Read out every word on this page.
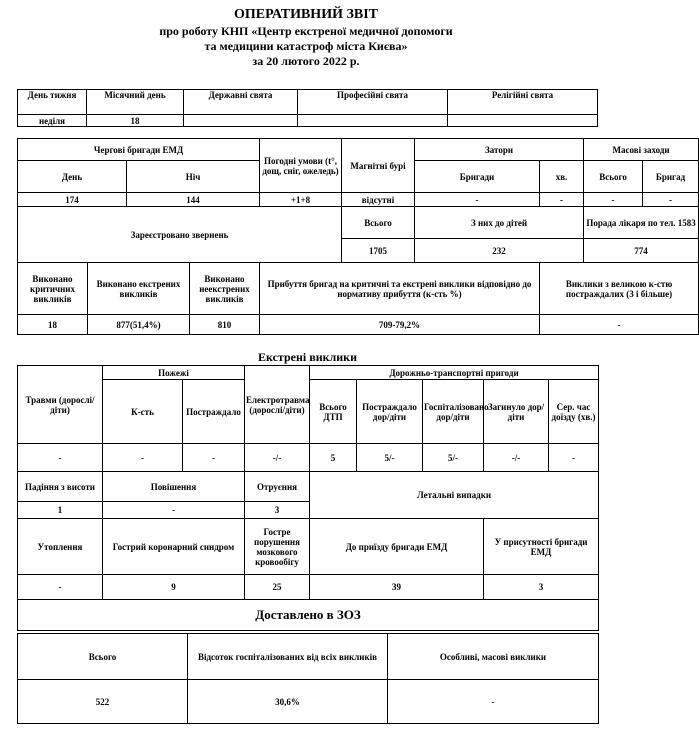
ОПЕРАТИВНИЙ ЗВІТ
про роботу КНП «Центр екстреної медичної допомоги
та медицини катастроф міста Києва»
за 20 лютого 2022 р.
День тижня	Місячний день	Державні свята	Професійні свята	Релігійні свята
неділя	18			
Чергові бригади ЕМД				Погодні умови (t°, дощ, сніг, ожеледь)	Магнітні бурі	Затори		Масові заходи	
День		Ніч				Бригади	хв.	Всього	Бригад
174		144		+1+8	відсутні	-	-	-	-
Зареєстровано звернень					Всього	З них до дітей		Порада лікаря по тел. 1583	
					1705	232		774	
Виконано критичних викликів	Виконано екстрених викликів		Виконано неекстрених викликів	Прибуття бригад на критичні та екстрені виклики відповідно до нормативу прибуття (к-сть %)			Виклики з великою к-стю постраждалих (3 і більше)		
18	877(51,4%)		810	709-79,2%			-		
Екстрені виклики
Травми (дорослі/ діти)	Пожежі		Електротравма (дорослі/діти)	Дорожньо-транспортні пригоди				
	К-сть	Постраждало		Всього ДТП	Постраждало дор/діти	Госпіталізовано дор/діти	Загинуло дор/діти	Сер. час доїзду (хв.)
-	-	-	-/-	5	5/-	5/-	-/-	-
Падіння з висоти	Повішення		Отруєння	Летальні випадки				
1	-		3					
Утоплення	Гострий коронарний синдром		Гостре порушення мозкового кровообігу	До приїзду бригади ЕМД			У присутності бригади ЕМД	
-	9		25	39			3	
Доставлено в ЗОЗ								
Всього	Відсоток госпіталізованих від всіх викликів	Особливі, масові виклики
522	30,6%	-
